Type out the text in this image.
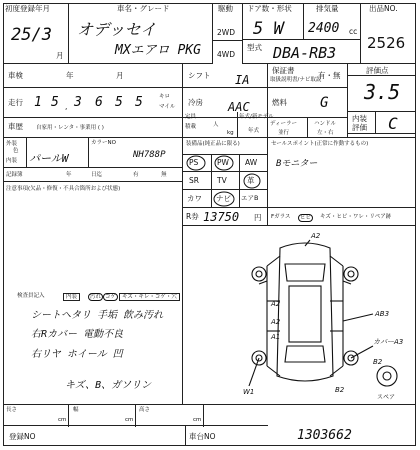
初度登録年月
25/3
月
車名・グレード
オデッセイ
MXエアロ PKG
駆動
2WD
4WD
ドア数・形状
5 W
排気量
2400 cc
型式 DBA-RB3
出品NO.
2526
車検	年	月	シフト IA
保証書
取扱説明書/ナビ取説
有・無
評価点
3.5
走行 1 5 , 3 6 5 5	キロ
マイル 冷房 AAC	燃料 G
内装
評価 C
車歴 自家用・レンタ・事業用 ( )
定員
人
積載
kg
年式/新モデル
年式
ディーラー
並行
ハンドル
左・右
外装
色
内装 パールW
カラーNO
NH788P
記録簿	年	日迄	有	無
装備品(純正品に限る)
PS PW AW
SR TV	革
カワ ナビ エアB
R券 13750 円
セールスポイント(正常に作動するもの)
Bモニター
Fガラス	ヒビ	キズ・ヒビ・ワレ・リペア跡
注意事項(欠品・修復・不具合箇所および状態)
検査員記入	内装	汚れ コゲ	キズ・キレ・コゲ・穴
シートヘタリ 手垢 飲み汚れ
右Rカバー 電動不良
右リヤ ホイール 凹
キズ、B、ガソリン
A2
A2
A2
A1
AB3
カバーA3
B2
W1	B2
スペア
長さ
cm
幅
cm
高さ
cm
登録NO	車台NO	1303662
